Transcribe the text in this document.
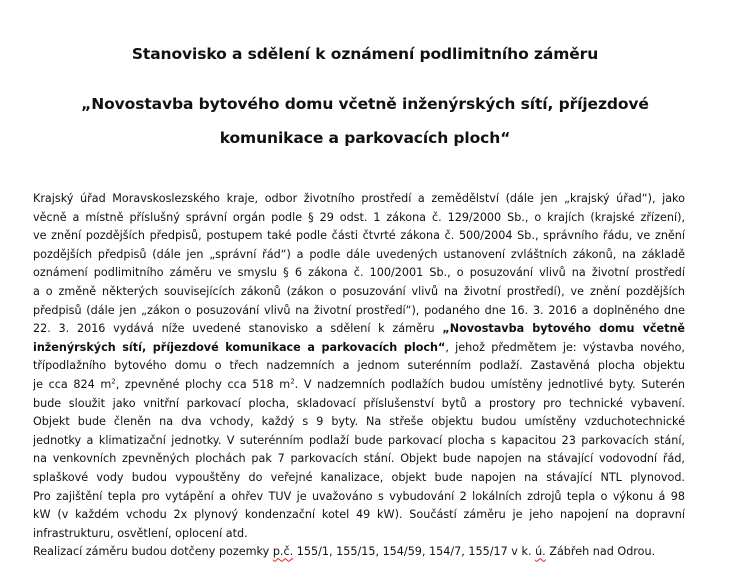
Stanovisko a sdělení k oznámení podlimitního záměru
„Novostavba bytového domu včetně inženýrských sítí, příjezdové
komunikace a parkovacích ploch“
Krajský úřad Moravskoslezského kraje, odbor životního prostředí a zemědělství (dále jen „krajský úřad“), jako
věcně a místně příslušný správní orgán podle § 29 odst. 1 zákona č. 129/2000 Sb., o krajích (krajské zřízení),
ve znění pozdějších předpisů, postupem také podle části čtvrté zákona č. 500/2004 Sb., správního řádu, ve znění
pozdějších předpisů (dále jen „správní řád“) a podle dále uvedených ustanovení zvláštních zákonů, na základě
oznámení podlimitního záměru ve smyslu § 6 zákona č. 100/2001 Sb., o posuzování vlivů na životní prostředí
a o změně některých souvisejících zákonů (zákon o posuzování vlivů na životní prostředí), ve znění pozdějších
předpisů (dále jen „zákon o posuzování vlivů na životní prostředí“), podaného dne 16. 3. 2016 a doplněného dne
22. 3. 2016 vydává níže uvedené stanovisko a sdělení k záměru „Novostavba bytového domu včetně
inženýrských sítí, příjezdové komunikace a parkovacích ploch“, jehož předmětem je: výstavba nového,
třípodlažního bytového domu o třech nadzemních a jednom suterénním podlaží. Zastavěná plocha objektu
je cca 824 $m^2$, zpevněné plochy cca 518 $m^2$. V nadzemních podlažích budou umístěny jednotlivé byty. Suterén
bude sloužit jako vnitřní parkovací plocha, skladovací příslušenství bytů a prostory pro technické vybavení.
Objekt bude členěn na dva vchody, každý s 9 byty. Na střeše objektu budou umístěny vzduchotechnické
jednotky a klimatizační jednotky. V suterénním podlaží bude parkovací plocha s kapacitou 23 parkovacích stání,
na venkovních zpevněných plochách pak 7 parkovacích stání. Objekt bude napojen na stávající vodovodní řád,
splaškové vody budou vypouštěny do veřejné kanalizace, objekt bude napojen na stávající NTL plynovod.
Pro zajištění tepla pro vytápění a ohřev TUV je uvažováno s vybudování 2 lokálních zdrojů tepla o výkonu á 98
kW (v každém vchodu 2x plynový kondenzační kotel 49 kW). Součástí záměru je jeho napojení na dopravní
infrastrukturu, osvětlení, oplocení atd.
Realizací záměru budou dotčeny pozemky p.č. 155/1, 155/15, 154/59, 154/7, 155/17 v k. ú. Zábřeh nad Odrou.
